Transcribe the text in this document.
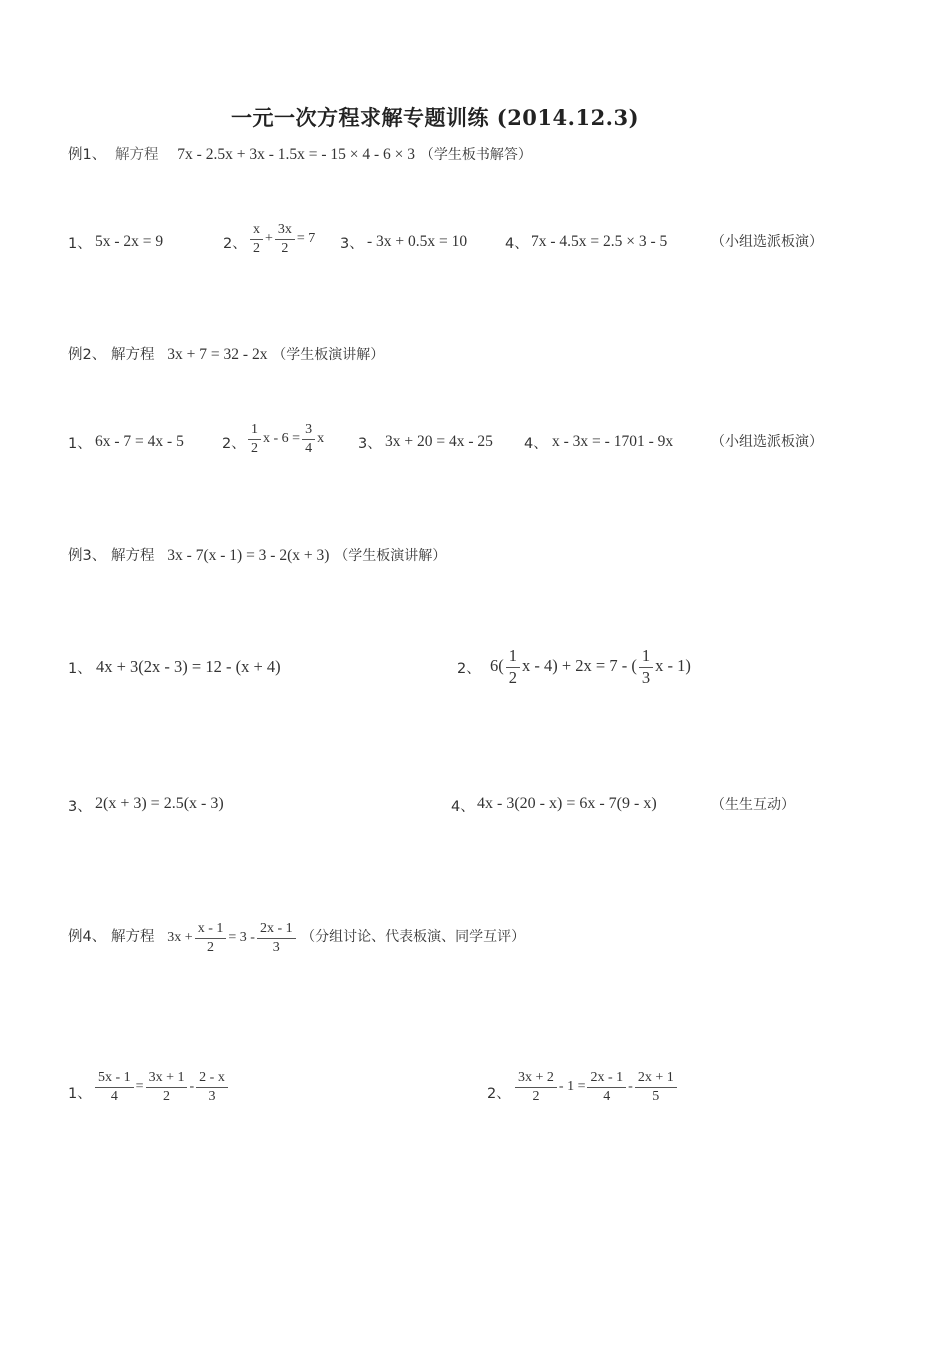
一元一次方程求解专题训练 (2014.12.3)
例1、 解方程 7x - 2.5x + 3x - 1.5x = - 15 × 4 - 6 × 3 （学生板书解答）
1、 5x - 2x = 9	2、 $\frac{x}{2} + \frac{3x}{2} = 7$ 3、 - 3x + 0.5x = 10	4、 7x - 4.5x = 2.5 × 3 - 5	（小组选派板演）
例2、 解方程 3x + 7 = 32 - 2x （学生板演讲解）
1、 6x - 7 = 4x - 5	2、 $\frac{1}{2}$ $x - 6 = \frac{3}{4}$ x 3、 3x + 20 = 4x - 25 4、 x - 3x = - 1701 - 9x	（小组选派板演）
例3、 解方程 3x - 7(x - 1) = 3 - 2(x + 3) （学生板演讲解）
1、 4x + 3(2x - 3) = 12 - (x + 4)	2、 $6( \frac{1}{2}$ x - 4) + 2x = 7 - ( $\frac{1}{3}$ x - 1)
3、 2(x + 3) = 2.5(x - 3)	4、 4x - 3(20 - x) = 6x - 7(9 - x)	（生生互动）
例4、 解方程 $3x + \frac{x - 1}{2} = 3 - \frac{2x - 1}{3}$ （分组讨论、代表板演、同学互评）
1、 $\frac{5x - 1}{4} = \frac{3x + 1}{2} - \frac{2 - x}{3}$	2、 $\frac{3x + 2}{2} - 1 = \frac{2x - 1}{4} - \frac{2x + 1}{5}$
